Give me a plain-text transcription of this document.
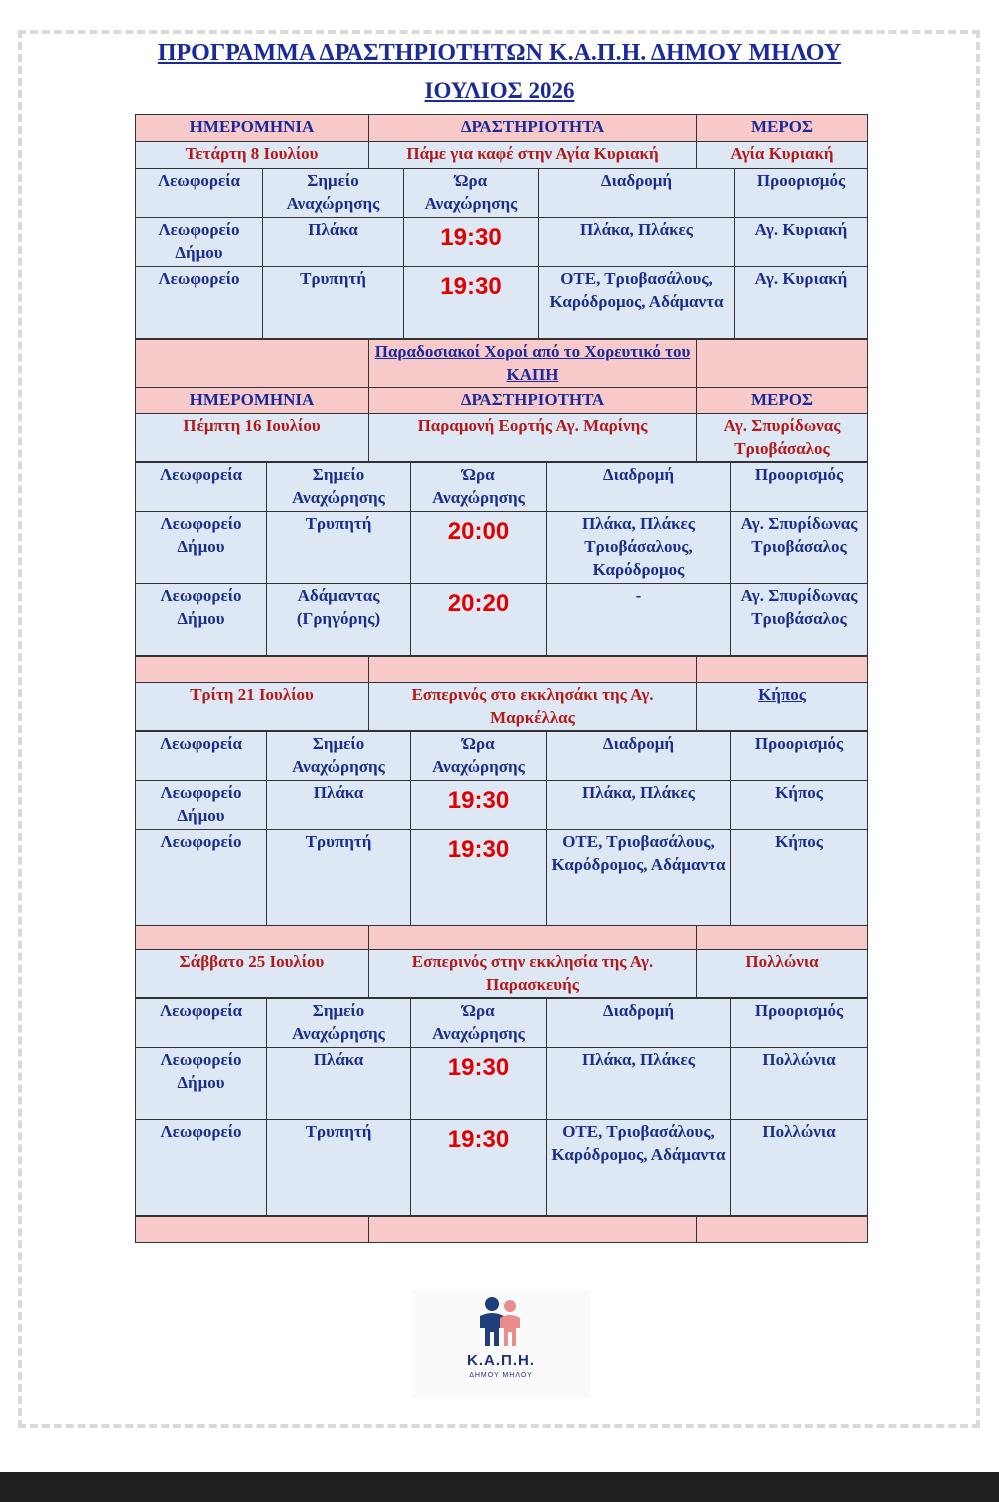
ΠΡΟΓΡΑΜΜΑ ΔΡΑΣΤΗΡΙΟΤΗΤΩΝ Κ.Α.Π.Η. ΔΗΜΟΥ ΜΗΛΟΥ
ΙΟΥΛΙΟΣ 2026
ΗΜΕΡΟΜΗΝΙΑ	ΔΡΑΣΤΗΡΙΟΤΗΤΑ	ΜΕΡΟΣ
Τετάρτη 8 Ιουλίου	Πάμε για καφέ στην Αγία Κυριακή	Αγία Κυριακή
Λεωφορεία	Σημείο Αναχώρησης	Ώρα Αναχώρησης	Διαδρομή	Προορισμός
Λεωφορείο Δήμου	Πλάκα	19:30	Πλάκα, Πλάκες	Αγ. Κυριακή
Λεωφορείο	Τρυπητή	19:30	ΟΤΕ, Τριοβασάλους, Καρόδρομος, Αδάμαντα	Αγ. Κυριακή
	Παραδοσιακοί Χοροί από το Χορευτικό του ΚΑΠΗ	
ΗΜΕΡΟΜΗΝΙΑ	ΔΡΑΣΤΗΡΙΟΤΗΤΑ	ΜΕΡΟΣ
Πέμπτη 16 Ιουλίου	Παραμονή Εορτής Αγ. Μαρίνης	Αγ. Σπυρίδωνας Τριοβάσαλος
Λεωφορεία	Σημείο Αναχώρησης	Ώρα Αναχώρησης	Διαδρομή	Προορισμός
Λεωφορείο Δήμου	Τρυπητή	20:00	Πλάκα, Πλάκες Τριοβάσαλους, Καρόδρομος	Αγ. Σπυρίδωνας Τριοβάσαλος
Λεωφορείο Δήμου	Αδάμαντας (Γρηγόρης)	20:20	-	Αγ. Σπυρίδωνας Τριοβάσαλος

Τρίτη 21 Ιουλίου	Εσπερινός στο εκκλησάκι της Αγ. Μαρκέλλας	Κήπος
Λεωφορεία	Σημείο Αναχώρησης	Ώρα Αναχώρησης	Διαδρομή	Προορισμός
Λεωφορείο Δήμου	Πλάκα	19:30	Πλάκα, Πλάκες	Κήπος
Λεωφορείο	Τρυπητή	19:30	ΟΤΕ, Τριοβασάλους, Καρόδρομος, Αδάμαντα	Κήπος

Σάββατο 25 Ιουλίου	Εσπερινός στην εκκλησία της Αγ. Παρασκευής	Πολλώνια
Λεωφορεία	Σημείο Αναχώρησης	Ώρα Αναχώρησης	Διαδρομή	Προορισμός
Λεωφορείο Δήμου	Πλάκα	19:30	Πλάκα, Πλάκες	Πολλώνια
Λεωφορείο	Τρυπητή	19:30	ΟΤΕ, Τριοβασάλους, Καρόδρομος, Αδάμαντα	Πολλώνια

Κ.Α.Π.Η.
ΔΗΜΟΥ ΜΗΛΟΥ
